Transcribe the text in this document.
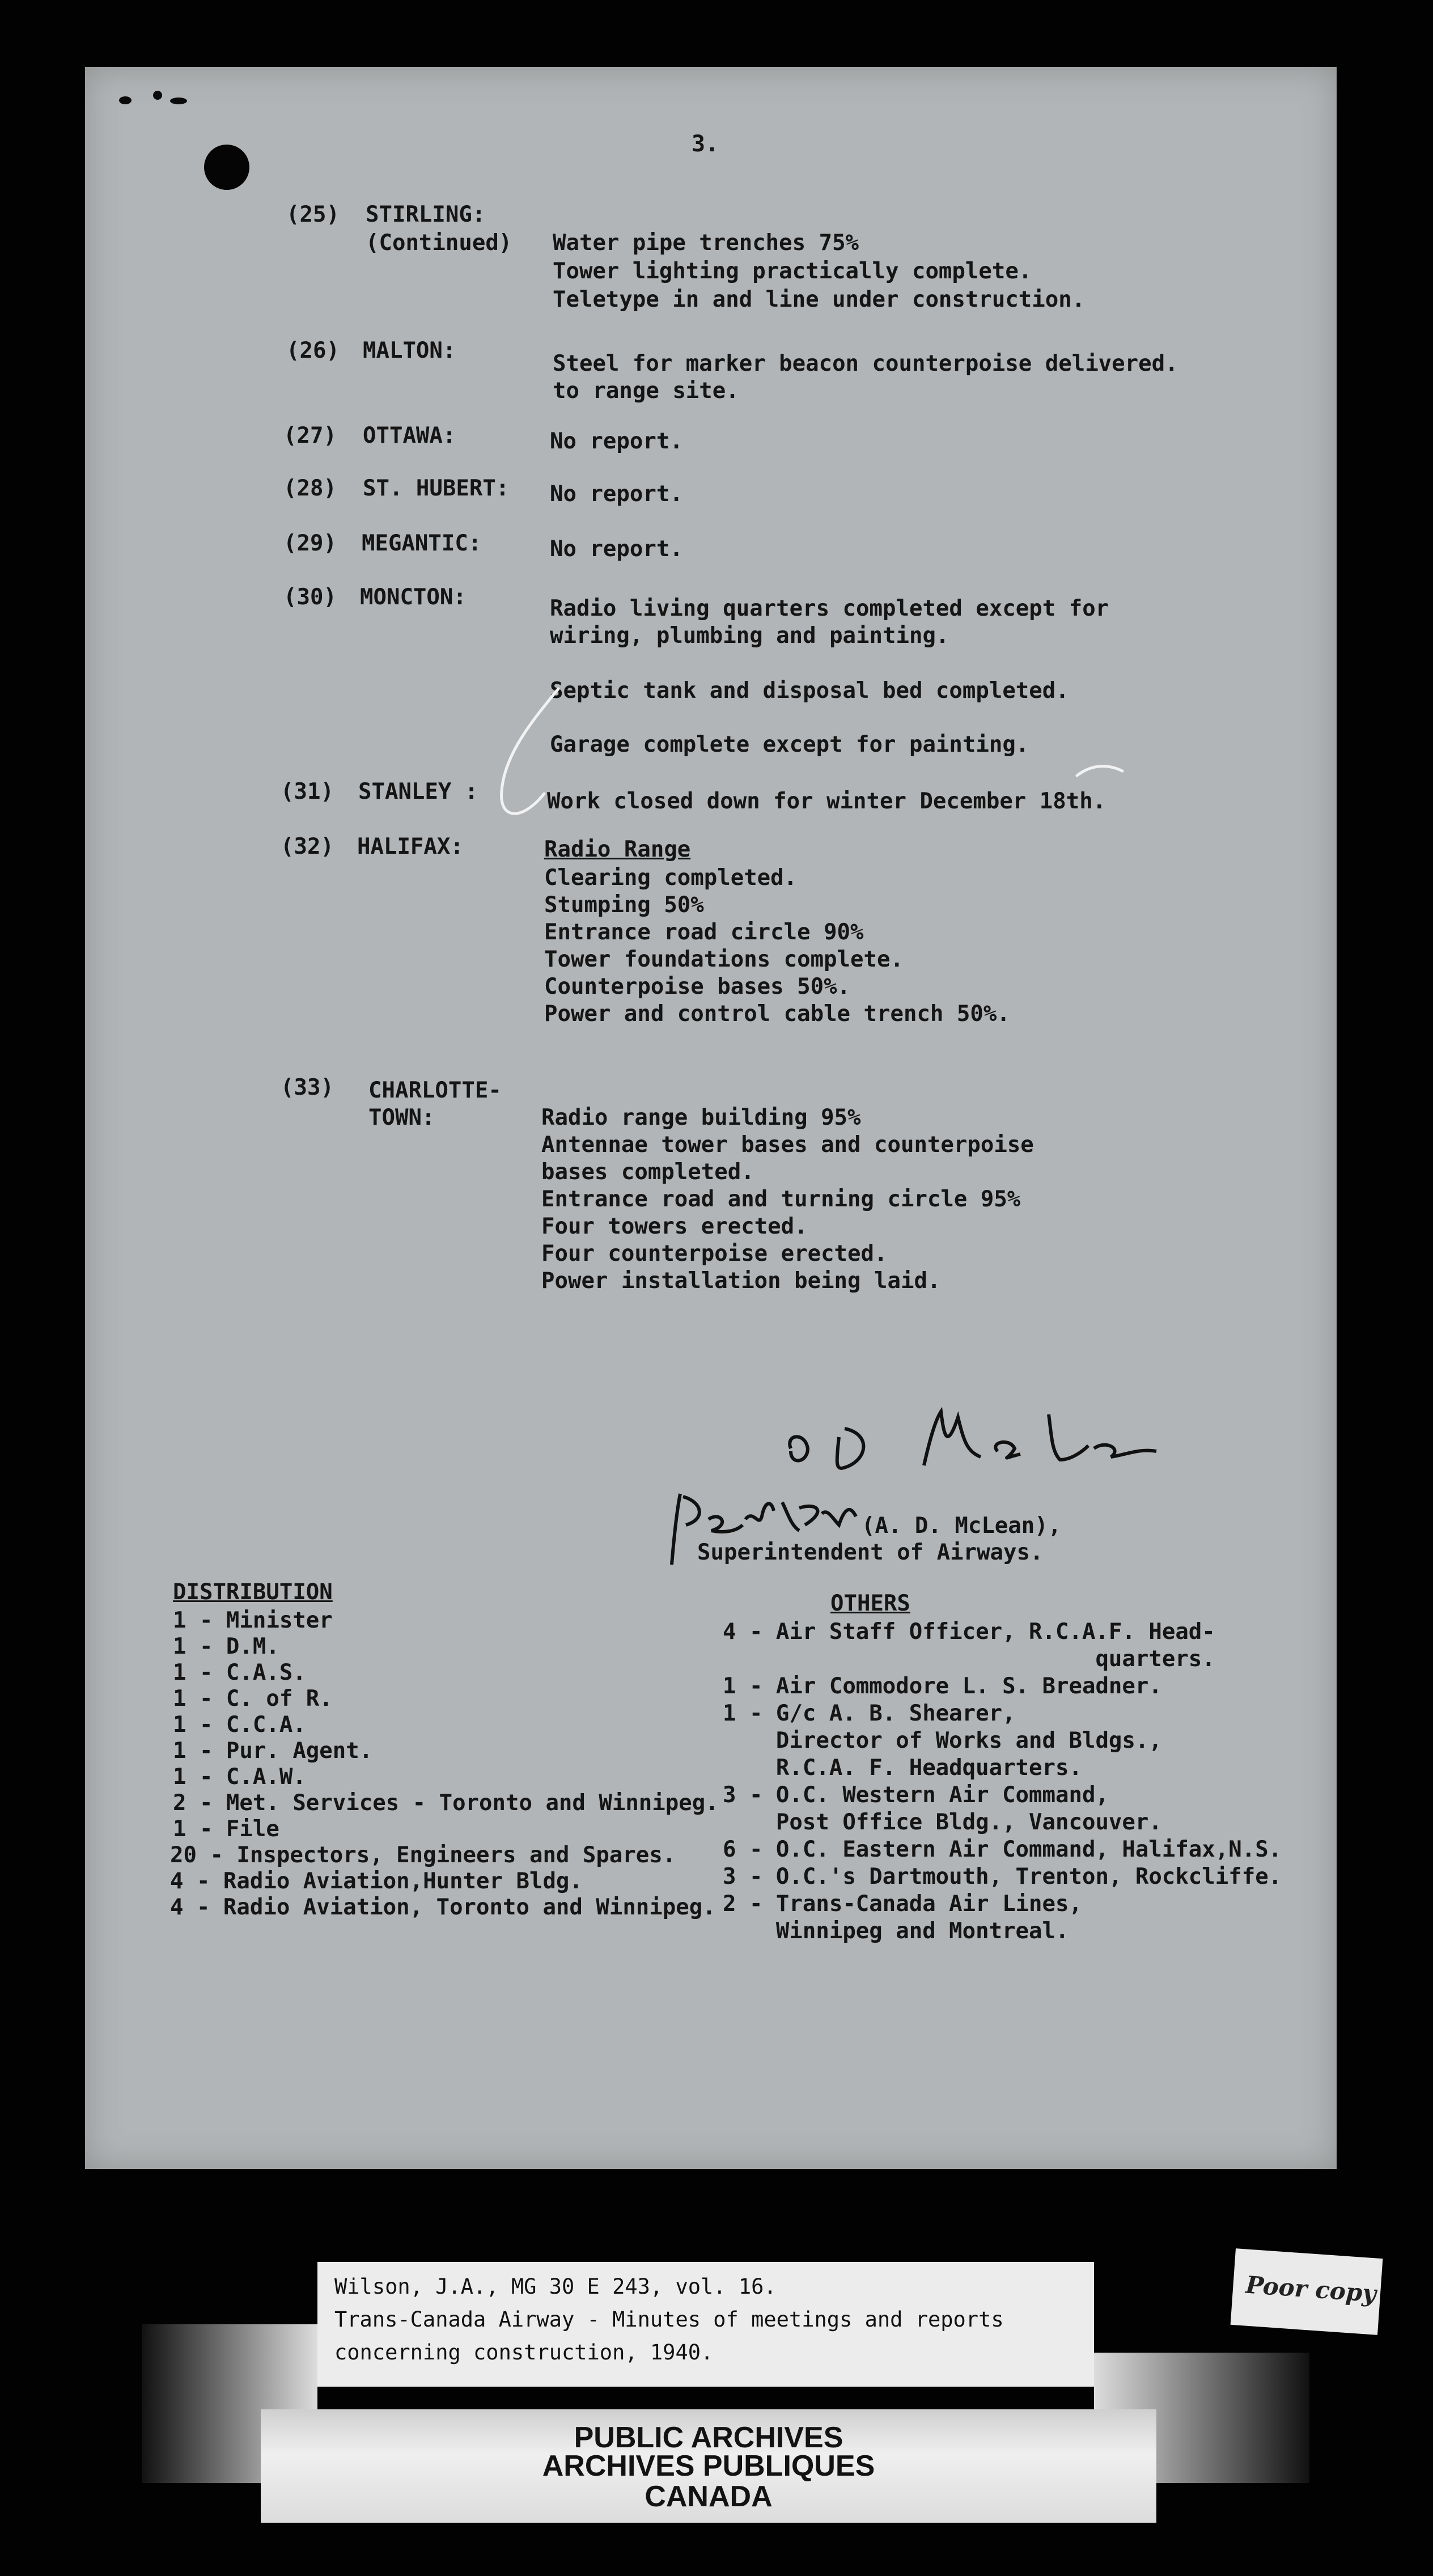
3.
(25) STIRLING:
(Continued) Water pipe trenches 75%
Tower lighting practically complete.
Teletype in and line under construction.
(26) MALTON:
Steel for marker beacon counterpoise delivered.
to range site.
(27) OTTAWA:	No report.
(28) ST. HUBERT: No report.
(29) MEGANTIC:	No report.
(30) MONCTON:	Radio living quarters completed except for
wiring, plumbing and painting.
Septic tank and disposal bed completed.
Garage complete except for painting.
(31) STANLEY :	Work closed down for winter December 18th.
(32) HALIFAX:	Radio Range
Clearing completed.
Stumping 50%
Entrance road circle 90%
Tower foundations complete.
Counterpoise bases 50%.
Power and control cable trench 50%.
(33) CHARLOTTE-
TOWN:	Radio range building 95%
Antennae tower bases and counterpoise
bases completed.
Entrance road and turning circle 95%
Four towers erected.
Four counterpoise erected.
Power installation being laid.
(A. D. McLean),
Superintendent of Airways.
DISTRIBUTION
1 - Minister
1 - D.M.
1 - C.A.S.
1 - C. of R.
1 - C.C.A.
1 - Pur. Agent.
1 - C.A.W.
2 - Met. Services - Toronto and Winnipeg.
1 - File
20 - Inspectors, Engineers and Spares.
4 - Radio Aviation,Hunter Bldg.
4 - Radio Aviation, Toronto and Winnipeg.
OTHERS
4 - Air Staff Officer, R.C.A.F. Head-
quarters.
1 - Air Commodore L. S. Breadner.
1 - G/c A. B. Shearer,
Director of Works and Bldgs.,
R.C.A. F. Headquarters.
3 - O.C. Western Air Command,
Post Office Bldg., Vancouver.
6 - O.C. Eastern Air Command, Halifax,N.S.
3 - O.C.'s Dartmouth, Trenton, Rockcliffe.
2 - Trans-Canada Air Lines,
Winnipeg and Montreal.
Wilson, J.A., MG 30 E 243, vol. 16.
Trans-Canada Airway - Minutes of meetings and reports
concerning construction, 1940.
Poor copy
PUBLIC ARCHIVES
ARCHIVES PUBLIQUES
CANADA
